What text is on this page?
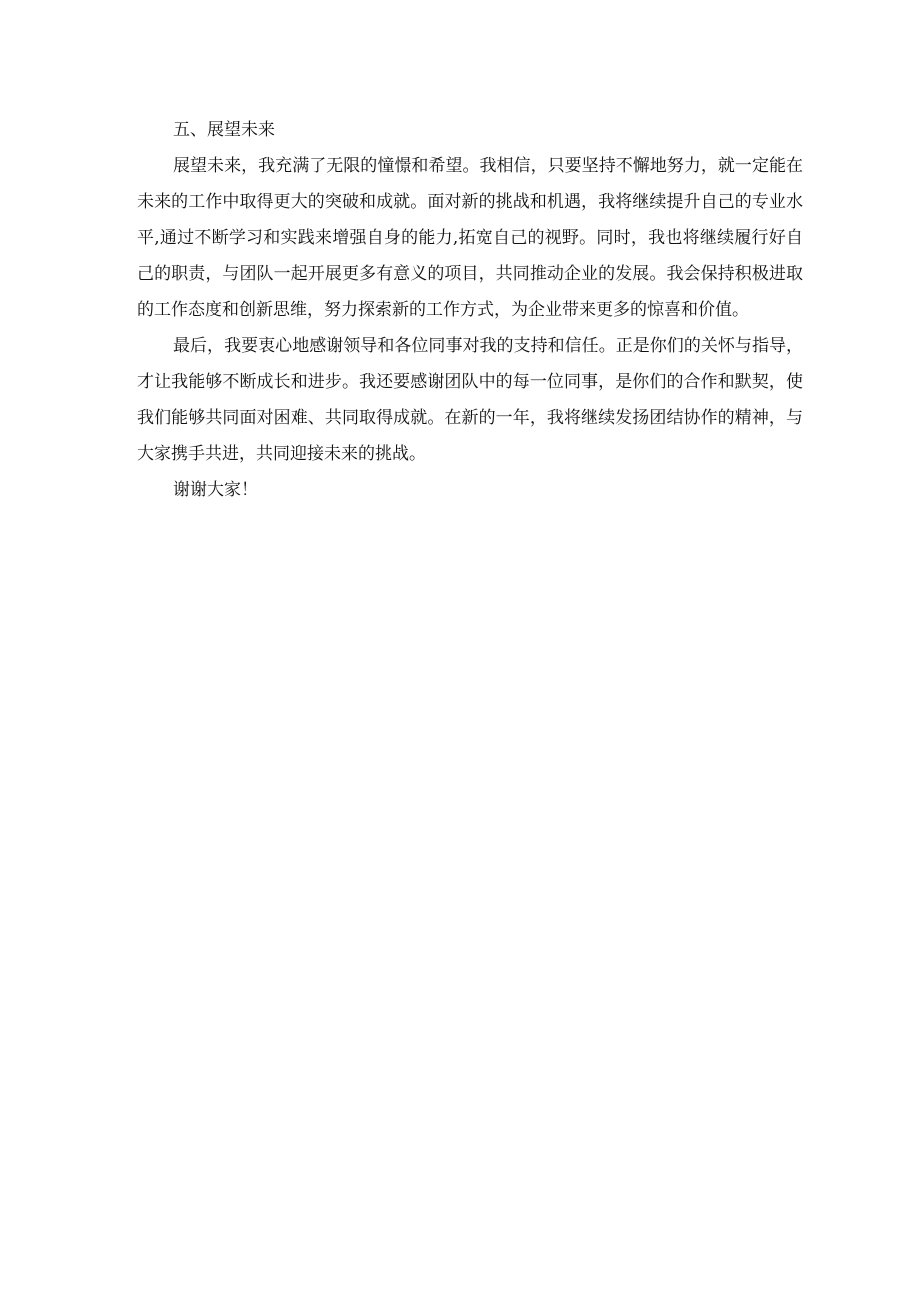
五、展望未来

展望未来，我充满了无限的憧憬和希望。我相信，只要坚持不懈地努力，就一定能在未来的工作中取得更大的突破和成就。面对新的挑战和机遇，我将继续提升自己的专业水平,通过不断学习和实践来增强自身的能力,拓宽自己的视野。同时，我也将继续履行好自己的职责，与团队一起开展更多有意义的项目，共同推动企业的发展。我会保持积极进取的工作态度和创新思维，努力探索新的工作方式，为企业带来更多的惊喜和价值。

最后，我要衷心地感谢领导和各位同事对我的支持和信任。正是你们的关怀与指导，才让我能够不断成长和进步。我还要感谢团队中的每一位同事，是你们的合作和默契，使我们能够共同面对困难、共同取得成就。在新的一年，我将继续发扬团结协作的精神，与大家携手共进，共同迎接未来的挑战。

谢谢大家！
